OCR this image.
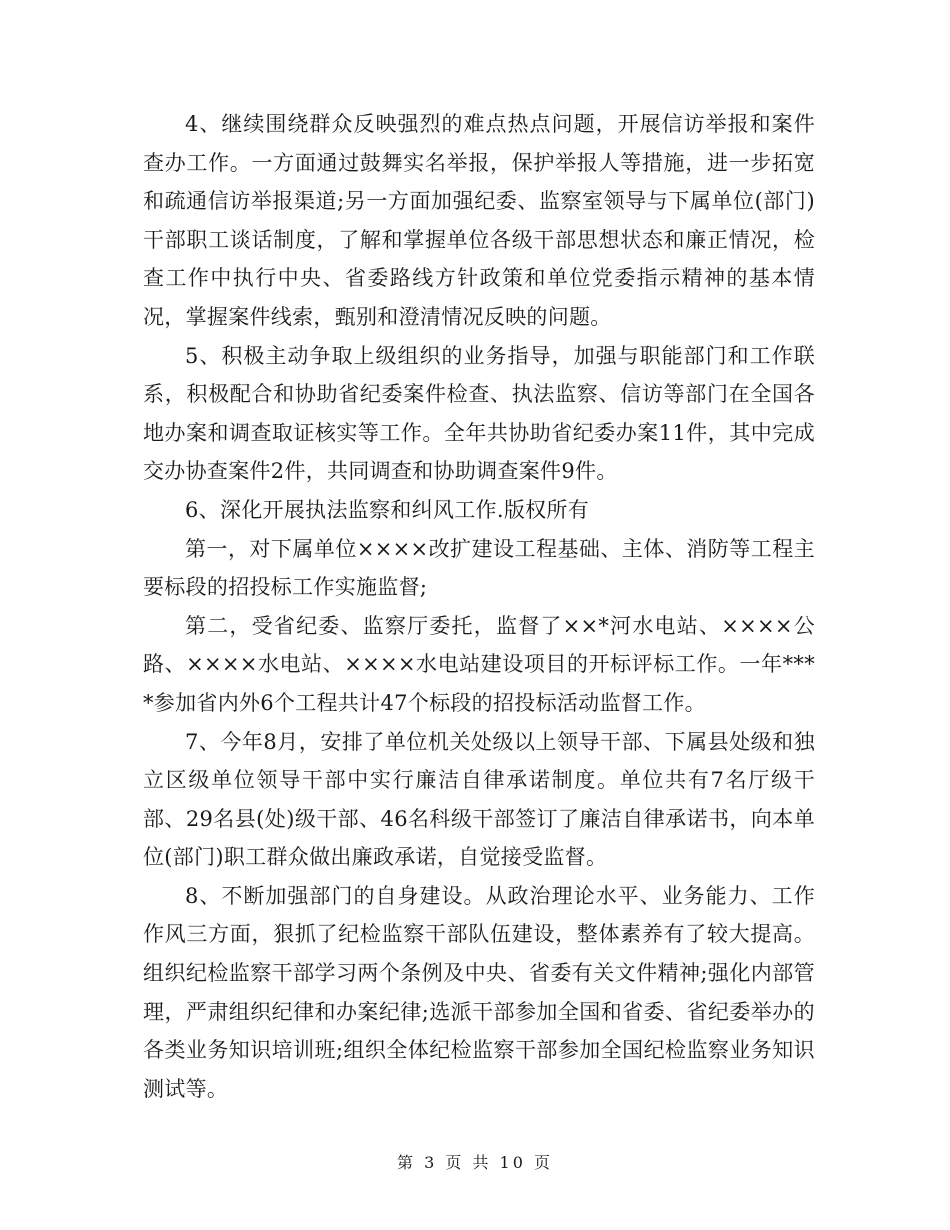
4、继续围绕群众反映强烈的难点热点问题，开展信访举报和案件查办工作。一方面通过鼓舞实名举报，保护举报人等措施，进一步拓宽和疏通信访举报渠道;另一方面加强纪委、监察室领导与下属单位(部门)干部职工谈话制度，了解和掌握单位各级干部思想状态和廉正情况，检查工作中执行中央、省委路线方针政策和单位党委指示精神的基本情况，掌握案件线索，甄别和澄清情况反映的问题。

5、积极主动争取上级组织的业务指导，加强与职能部门和工作联系，积极配合和协助省纪委案件检查、执法监察、信访等部门在全国各地办案和调查取证核实等工作。全年共协助省纪委办案11件，其中完成交办协查案件2件，共同调查和协助调查案件9件。

6、深化开展执法监察和纠风工作.版权所有

第一，对下属单位××××改扩建设工程基础、主体、消防等工程主要标段的招投标工作实施监督;

第二，受省纪委、监察厅委托，监督了××*河水电站、××××公路、××××水电站、××××水电站建设项目的开标评标工作。一年****参加省内外6个工程共计47个标段的招投标活动监督工作。

7、今年8月，安排了单位机关处级以上领导干部、下属县处级和独立区级单位领导干部中实行廉洁自律承诺制度。单位共有7名厅级干部、29名县(处)级干部、46名科级干部签订了廉洁自律承诺书，向本单位(部门)职工群众做出廉政承诺，自觉接受监督。

8、不断加强部门的自身建设。从政治理论水平、业务能力、工作作风三方面，狠抓了纪检监察干部队伍建设，整体素养有了较大提高。组织纪检监察干部学习两个条例及中央、省委有关文件精神;强化内部管理，严肃组织纪律和办案纪律;选派干部参加全国和省委、省纪委举办的各类业务知识培训班;组织全体纪检监察干部参加全国纪检监察业务知识测试等。

第 3 页 共 10 页
